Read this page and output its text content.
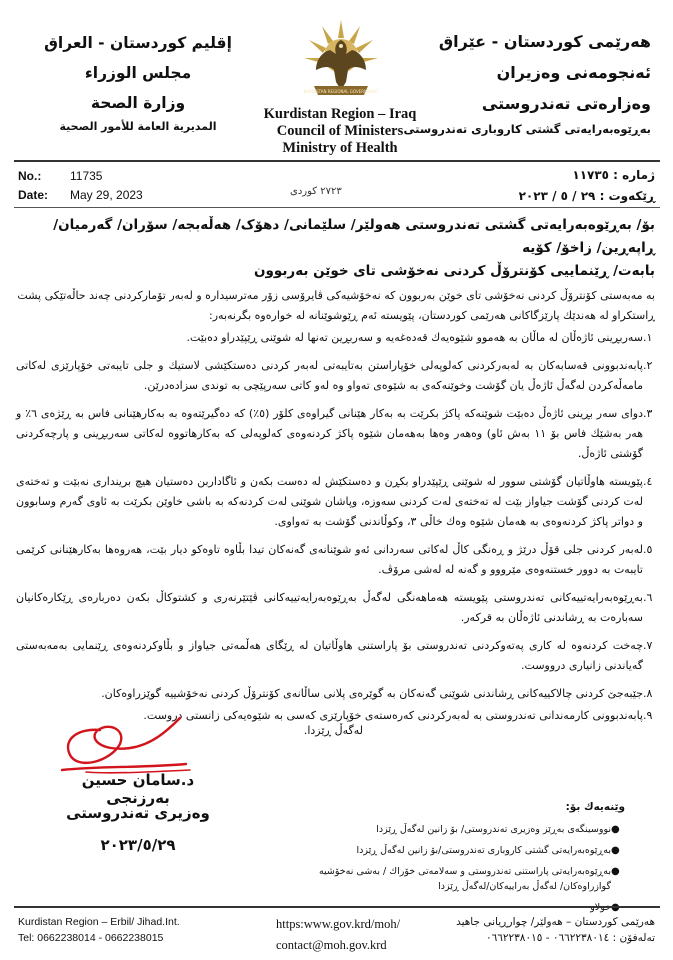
هەرێمی كوردستان - عێراق
ئەنجومەنی وەزیران
وەزارەتی تەندروستی
بەڕێوەبەرایەتی گشتی کاروباری تەندروستی
إقليم كوردستان - العراق
مجلس الوزراء
وزارة الصحة
المديرية العامة للأمور الصحية
KURDISTAN REGIONAL GOVERNMENT
Kurdistan Region – Iraq
Council of Ministers
Ministry of Health
No.: 11735
Date: May 29, 2023	٢٧٢٣ كوردی
ژمارە : ١١٧٣٥
ڕێكەوت : ٢٩ / ٥ / ٢٠٢٣
بۆ/ بەڕێوەبەرایەتی گشتی تەندروستی هەولێر/ سلێمانی/ دهۆک/ هەڵەبجە/ سۆران/ گەرمیان/ ڕاپەڕین/ زاخۆ/ كۆیە
بابەت/ ڕێنماییی كۆنترۆڵ كردنی نەخۆشی تای خوێن بەربوون
بە مەبەستی كۆنترۆڵ كردنی نەخۆشی تای خوێن بەربوون كە نەخۆشیەكی ڤایرۆسی زۆر مەترسیدارە و لەبەر تۆماركردنی چەند حاڵەتێكی پشت ڕاستكراو لە هەندێك پارێزگاكانی هەرێمی كوردستان، پێویستە ئەم ڕێوشوێنانە لە خوارەوە بگرنەبەر:
.١
سەربڕینی ئاژەڵان لە ماڵان بە هەموو شێوەیەك قەدەغەیە و سەربڕین تەنها لە شوێنی ڕێپێدراو دەبێت.
.٢
پابەندبوونی قەسابەكان بە لەبەركردنی كەلوپەلی خۆپاراستن بەتایبەتی لەبەر كردنی دەستكێشی لاستیك و جلی تایبەتی خۆپارێزی لەكاتی مامەڵەكردن لەگەڵ ئاژەڵ یان گۆشت وخوێنەكەی بە شێوەی تەواو وە لەو كاتی سەرپێچی بە توندی سزادەدرێن.
.٣
دوای سەر بڕینی ئاژەڵ دەبێت شوێنەكە پاكژ بكرێت بە بەكار هێنانی گیراوەی كلۆر (٥٪) كە دەگیرێتەوە بە بەكارهێنانی فاس بە ڕێژەی ٦٪ و هەر بەشێك فاس بۆ ١١ بەش ئاو) وەهەر وەها بەهەمان شێوە پاكژ كردنەوەی كەلوپەلی كە بەكارهاتووە لەكاتی سەربڕینی و پارچەكردنی گۆشتی ئاژەڵ.
.٤
پێویستە هاوڵاتیان گۆشتی سوور لە شوێنی ڕێپێدراو بكڕن و دەستكێش لە دەست بكەن و ئاگاداربن دەستیان هیچ برینداری نەبێت و تەختەی لەت كردنی گۆشت جیاواز بێت لە تەختەی لەت كردنی سەوزە، وپاشان شوێنی لەت كردنەكە بە باشی خاوێن بكرێت بە ئاوی گەرم وسابوون و دواتر پاكژ كردنەوەی بە هەمان شێوە وەك خاڵی ٣، وكوڵاندنی گۆشت بە تەواوی.
.٥
لەبەر كردنی جلی قۆڵ درێژ و ڕەنگی كاڵ لەكاتی سەردانی ئەو شوێنانەی گەنەكان تیدا بڵاوە تاوەكو دیار بێت، هەروەها بەكارهێنانی كرێمی تایبەت بە دوور خستنەوەی مێرووو و گەنە لە لەشی مرۆڤ.
.٦
بەڕێوەبەرایەتییەكانی تەندروستی پێویستە هەماهەنگی لەگەڵ بەڕێوەبەرایەتییەكانی ڤێتێرنەری و كشتوكاڵ بكەن دەربارەی ڕێكارەكانیان سەبارەت بە ڕشاندنی ئاژەڵان بە قرکەر.
.٧
چەخت كردنەوە لە كاری پەتەوكردنی تەندروستی بۆ پاراستنی هاوڵاتیان لە ڕێگای هەڵمەتی جیاواز و بڵاوكردنەوەی ڕێنمایی بەمەبەستی گەیاندنی زانیاری درووست.
.٨
جێبەجێ كردنی چالاكییەكانی ڕشاندنی شوێنی گەنەكان بە گوێرەی پلانی ساڵانەی كۆنترۆڵ كردنی نەخۆشییە گوێزراوەكان.
.٩
پابەندبوونی كارمەندانی تەندروستی بە لەبەركردنی كەرەستەی خۆپارێزی كەسی بە شێوەیەكی زانستی دروست.
لەگەڵ ڕێزدا.
د.سامان حسین بەرزنجی
وەزیری تەندروستی
٢٠٢٣/٥/٢٩
وێنەیەك بۆ:
●
نووسینگەی بەڕێز وەزیری تەندروستی/ بۆ زانین لەگەڵ ڕێزدا
●
بەڕێوەبەرایەتی گشتی كاروباری تەندروستی/بۆ زانین لەگەڵ ڕێزدا
●
بەڕێوەبەرایەتی پاراستنی تەندروستی و سەلامەتی خۆراك / بەشی نەخۆشیە گوازراوەكان/ لەگەڵ بەراییەكان/لەگەڵ ڕێزدا
●
خولاو
Kurdistan Region – Erbil/ Jihad.Int.
Tel: 0662238014 - 0662238015
https:www.gov.krd/moh/
contact@moh.gov.krd
هەرێمی كوردستان – هەولێر/ چوارڕیانی جاهید
تەلەفۆن : ٠٦٦٢٢٣٨٠١٤ - ٠٦٦٢٢٣٨٠١٥
